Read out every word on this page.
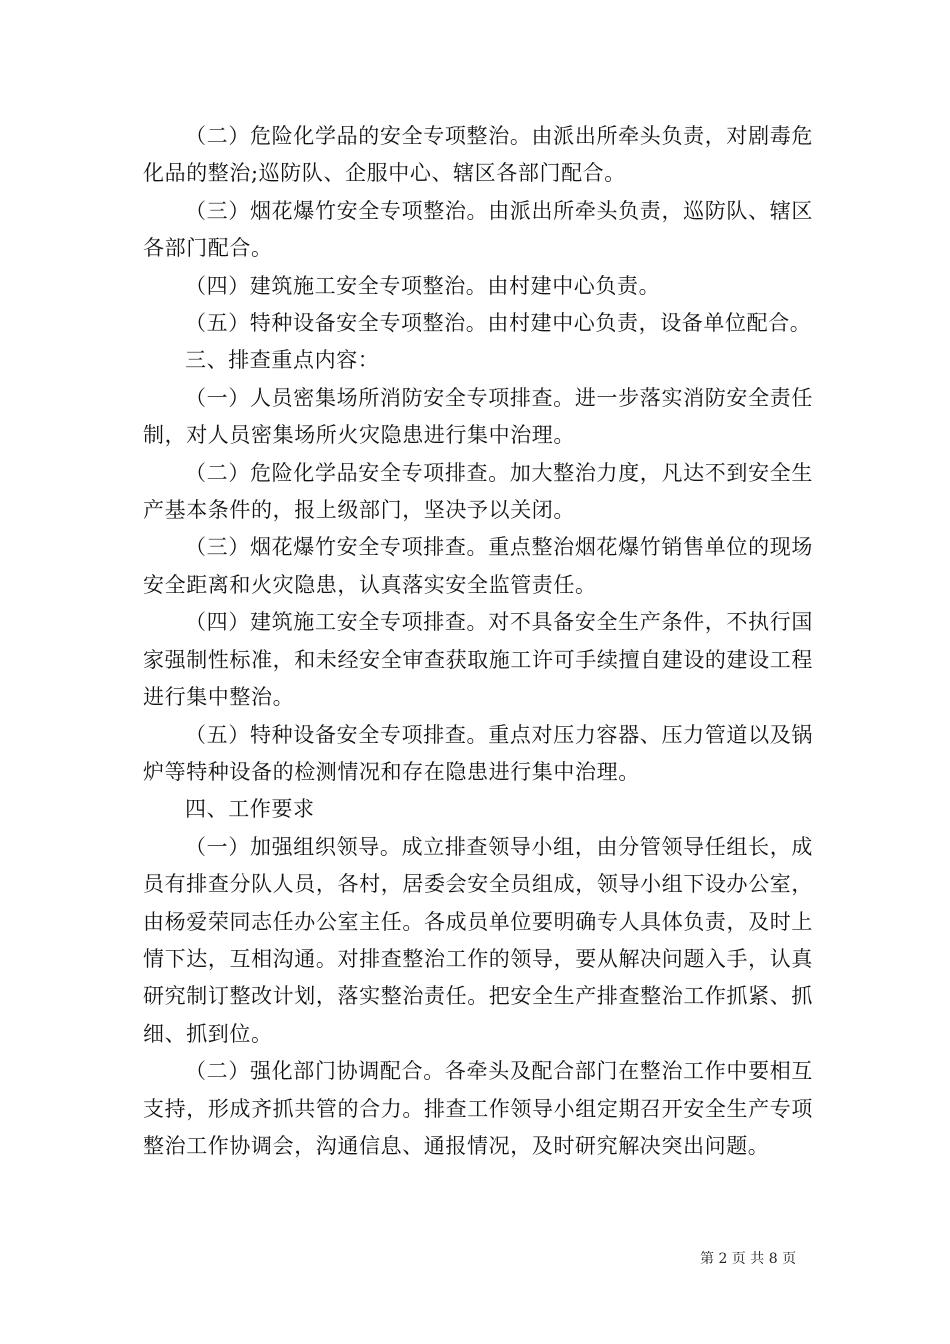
（二）危险化学品的安全专项整治。由派出所牵头负责，对剧毒危化品的整治;巡防队、企服中心、辖区各部门配合。

（三）烟花爆竹安全专项整治。由派出所牵头负责，巡防队、辖区各部门配合。

（四）建筑施工安全专项整治。由村建中心负责。

（五）特种设备安全专项整治。由村建中心负责，设备单位配合。

三、排查重点内容：

（一）人员密集场所消防安全专项排查。进一步落实消防安全责任制，对人员密集场所火灾隐患进行集中治理。

（二）危险化学品安全专项排查。加大整治力度，凡达不到安全生产基本条件的，报上级部门，坚决予以关闭。

（三）烟花爆竹安全专项排查。重点整治烟花爆竹销售单位的现场安全距离和火灾隐患，认真落实安全监管责任。

（四）建筑施工安全专项排查。对不具备安全生产条件，不执行国家强制性标准，和未经安全审查获取施工许可手续擅自建设的建设工程进行集中整治。

（五）特种设备安全专项排查。重点对压力容器、压力管道以及锅炉等特种设备的检测情况和存在隐患进行集中治理。

四、工作要求

（一）加强组织领导。成立排查领导小组，由分管领导任组长，成员有排查分队人员，各村，居委会安全员组成，领导小组下设办公室，由杨爱荣同志任办公室主任。各成员单位要明确专人具体负责，及时上情下达，互相沟通。对排查整治工作的领导，要从解决问题入手，认真研究制订整改计划，落实整治责任。把安全生产排查整治工作抓紧、抓细、抓到位。

（二）强化部门协调配合。各牵头及配合部门在整治工作中要相互支持，形成齐抓共管的合力。排查工作领导小组定期召开安全生产专项整治工作协调会，沟通信息、通报情况，及时研究解决突出问题。

第 2 页 共 8 页
